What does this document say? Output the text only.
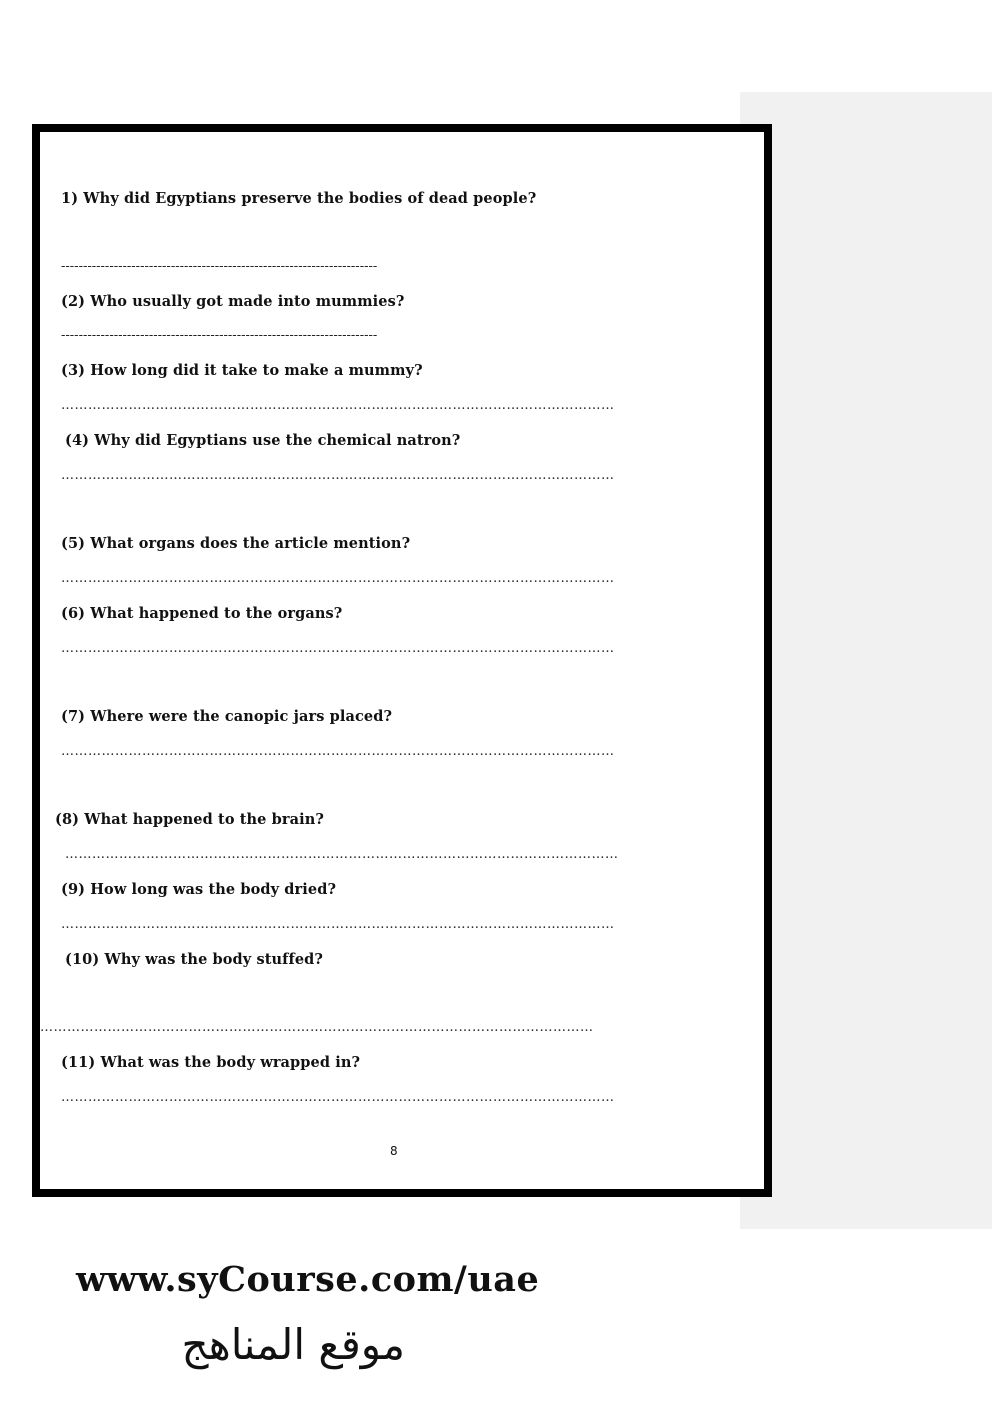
1) Why did Egyptians preserve the bodies of dead people?
------------------------------------------------------------------------
(2) Who usually got made into mummies?
------------------------------------------------------------------------
(3) How long did it take to make a mummy?
……………………………………………………………………………………………………………
(4) Why did Egyptians use the chemical natron?
……………………………………………………………………………………………………………
(5) What organs does the article mention?
……………………………………………………………………………………………………………
(6) What happened to the organs?
……………………………………………………………………………………………………………
(7) Where were the canopic jars placed?
……………………………………………………………………………………………………………
(8) What happened to the brain?
……………………………………………………………………………………………………………
(9) How long was the body dried?
……………………………………………………………………………………………………………
(10) Why was the body stuffed?
……………………………………………………………………………………………………………
(11) What was the body wrapped in?
……………………………………………………………………………………………………………
8
www.syCourse.com/uae
موقع المناهج
